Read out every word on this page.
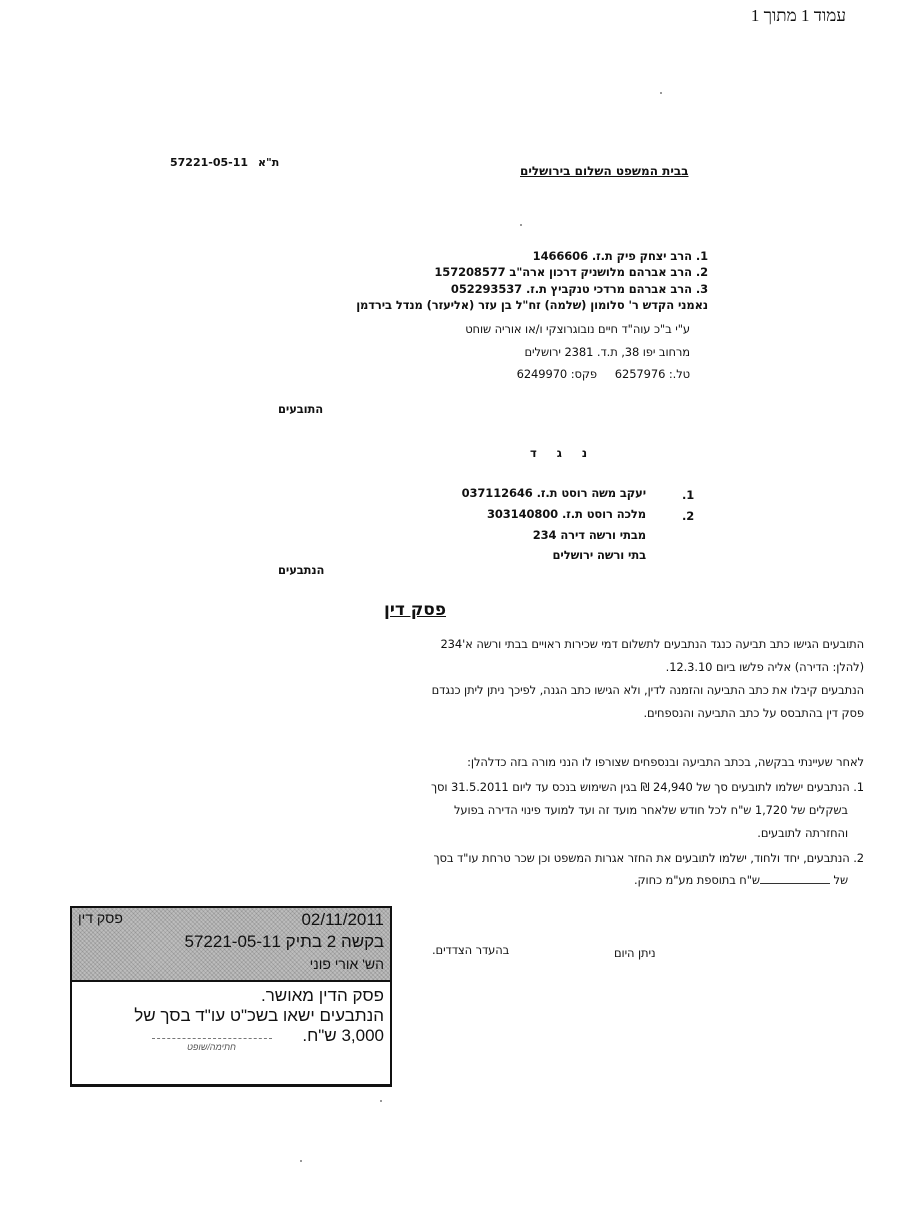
עמוד 1 מתוך 1
בבית המשפט השלום בירושלים
57221-05-11 ת"א
1. הרב יצחק פיק ת.ז. 1466606
2. הרב אברהם מלושניק דרכון ארה"ב 157208577
3. הרב אברהם מרדכי טנקביץ ת.ז. 052293537
נאמני הקדש ר' סלומון (שלמה) זח"ל בן עזר (אליעזר) מנדל בירדמן
ע"י ב"כ עוה"ד חיים נובוגרוצקי ו/או אוריה שוחט
מרחוב יפו 38, ת.ד. 2381 ירושלים
טל.: 6257976     פקס: 6249970
התובעים
נ ג ד
.1
יעקב משה רוסט ת.ז. 037112646
.2
מלכה רוסט ת.ז. 303140800
מבתי ורשה דירה 234
בתי ורשה ירושלים
הנתבעים
פסק דין
התובעים הגישו כתב תביעה כנגד הנתבעים לתשלום דמי שכירות ראויים בבתי ורשה א'234
(להלן: הדירה) אליה פלשו ביום 12.3.10.
הנתבעים קיבלו את כתב התביעה והזמנה לדין, ולא הגישו כתב הגנה, לפיכך ניתן ליתן כנגדם
פסק דין בהתבסס על כתב התביעה והנספחים.
לאחר שעיינתי בבקשה, בכתב התביעה ובנספחים שצורפו לו הנני מורה בזה כדלהלן:
1. הנתבעים ישלמו לתובעים סך של 24,940 ₪ בגין השימוש בנכס עד ליום 31.5.2011 וסך
בשקלים של 1,720 ש"ח לכל חודש שלאחר מועד זה ועד למועד פינוי הדירה בפועל
והחזרתה לתובעים.
2. הנתבעים, יחד ולחוד, ישלמו לתובעים את החזר אגרות המשפט וכן שכר טרחת עו"ד בסך
של ש"ח בתוספת מע"מ כחוק.
ניתן היום
בהעדר הצדדים.
פסק דין	02/11/2011
בקשה 2 בתיק 57221-05-11
הש' אורי פוני
פסק הדין מאושר.
הנתבעים ישאו בשכ"ט עו"ד בסך של
3,000 ש"ח.
חתימה/שופט
